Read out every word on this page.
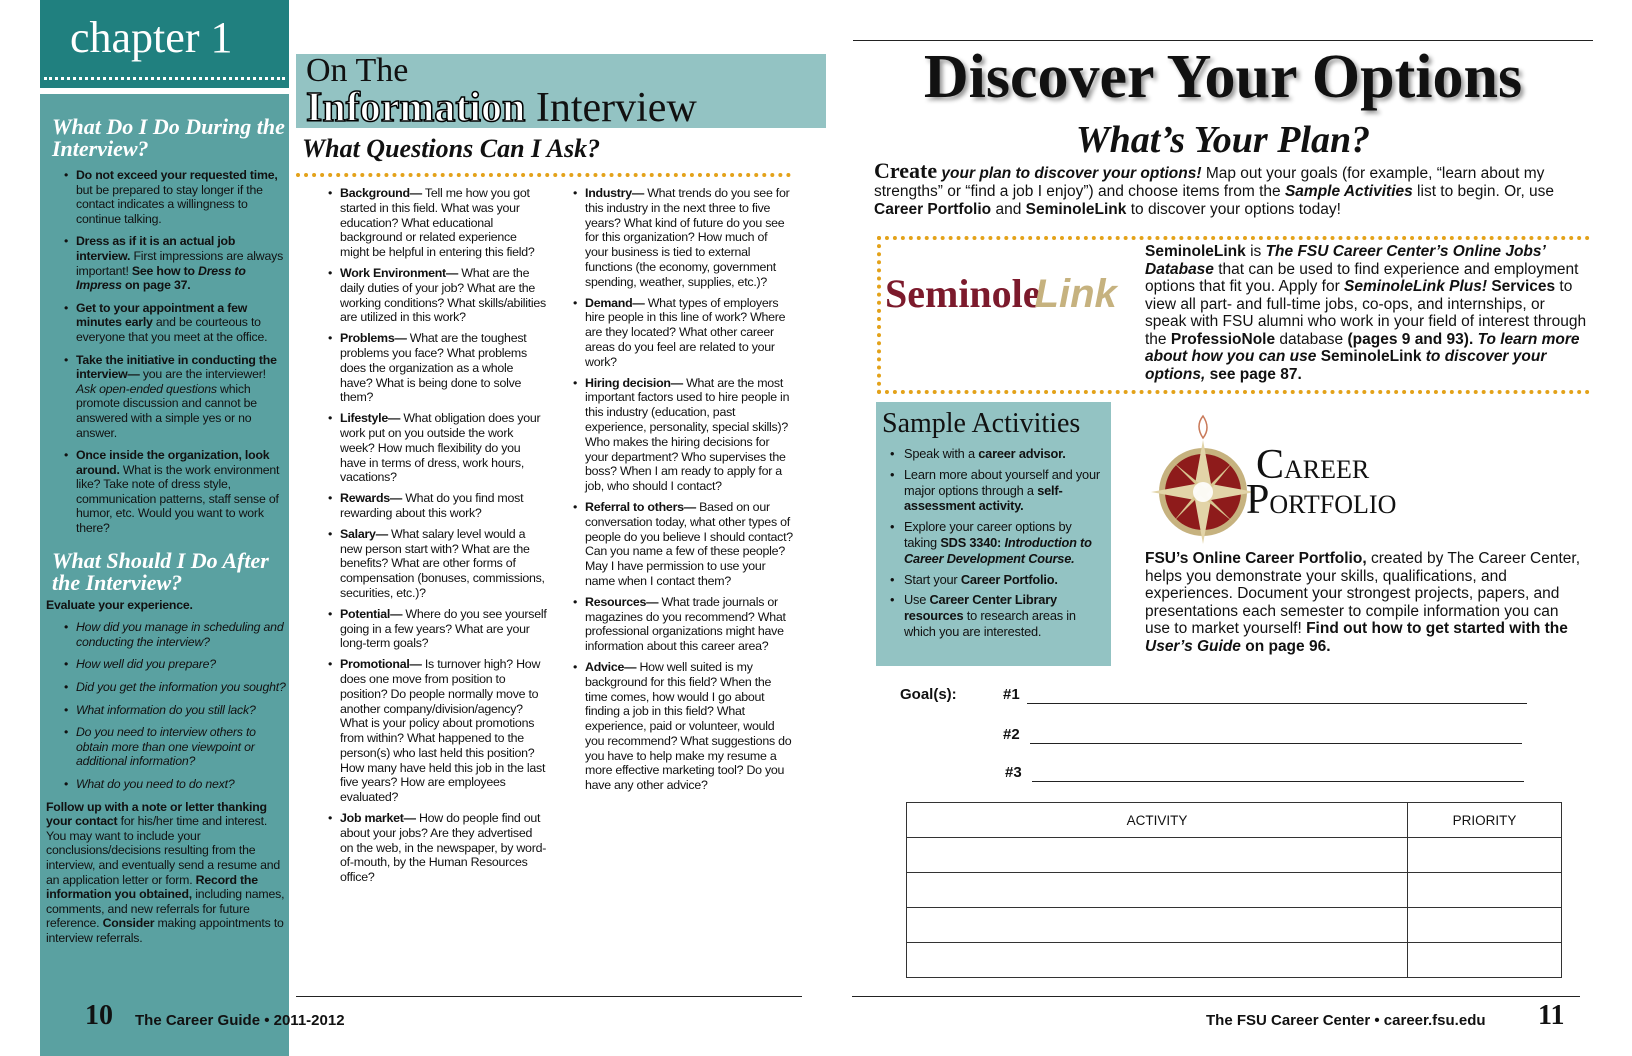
chapter 1
What Do I Do During the Interview?
• Do not exceed your requested time, but be prepared to stay longer if the contact indicates a willingness to continue talking.
• Dress as if it is an actual job interview. First impressions are always important! See how to Dress to Impress on page 37.
• Get to your appointment a few minutes early and be courteous to everyone that you meet at the office.
• Take the initiative in conducting the interview— you are the interviewer! Ask open-ended questions which promote discussion and cannot be answered with a simple yes or no answer.
• Once inside the organization, look around. What is the work environment like? Take note of dress style, communication patterns, staff sense of humor, etc. Would you want to work there?
What Should I Do After the Interview?
Evaluate your experience.
• How did you manage in scheduling and conducting the interview?
• How well did you prepare?
• Did you get the information you sought?
• What information do you still lack?
• Do you need to interview others to obtain more than one viewpoint or additional information?
• What do you need to do next?
Follow up with a note or letter thanking your contact for his/her time and interest. You may want to include your conclusions/decisions resulting from the interview, and eventually send a resume and an application letter or form. Record the information you obtained, including names, comments, and new referrals for future reference. Consider making appointments to interview referrals.
On The
Information Interview
What Questions Can I Ask?
• Background— Tell me how you got started in this field. What was your education? What educational background or related experience might be helpful in entering this field?
• Work Environment— What are the daily duties of your job? What are the working conditions? What skills/abilities are utilized in this work?
• Problems— What are the toughest problems you face? What problems does the organization as a whole have? What is being done to solve them?
• Lifestyle— What obligation does your work put on you outside the work week? How much flexibility do you have in terms of dress, work hours, vacations?
• Rewards— What do you find most rewarding about this work?
• Salary— What salary level would a new person start with? What are the benefits? What are other forms of compensation (bonuses, commissions, securities, etc.)?
• Potential— Where do you see yourself going in a few years? What are your long-term goals?
• Promotional— Is turnover high? How does one move from position to position? Do people normally move to another company/division/agency? What is your policy about promotions from within? What happened to the person(s) who last held this position? How many have held this job in the last five years? How are employees evaluated?
• Job market— How do people find out about your jobs? Are they advertised on the web, in the newspaper, by word-of-mouth, by the Human Resources office?
• Industry— What trends do you see for this industry in the next three to five years? What kind of future do you see for this organization? How much of your business is tied to external functions (the economy, government spending, weather, supplies, etc.)?
• Demand— What types of employers hire people in this line of work? Where are they located? What other career areas do you feel are related to your work?
• Hiring decision— What are the most important factors used to hire people in this industry (education, past experience, personality, special skills)? Who makes the hiring decisions for your department? Who supervises the boss? When I am ready to apply for a job, who should I contact?
• Referral to others— Based on our conversation today, what other types of people do you believe I should contact? Can you name a few of these people? May I have permission to use your name when I contact them?
• Resources— What trade journals or magazines do you recommend? What professional organizations might have information about this career area?
• Advice— How well suited is my background for this field? When the time comes, how would I go about finding a job in this field? What experience, paid or volunteer, would you recommend? What suggestions do you have to help make my resume a more effective marketing tool? Do you have any other advice?
10 The Career Guide • 2011-2012
Discover Your Options
What’s Your Plan?
Create your plan to discover your options! Map out your goals (for example, “learn about my strengths” or “find a job I enjoy”) and choose items from the Sample Activities list to begin. Or, use Career Portfolio and SeminoleLink to discover your options today!
SeminoleLink
SeminoleLink is The FSU Career Center’s Online Jobs’ Database that can be used to find experience and employment options that fit you. Apply for SeminoleLink Plus! Services to view all part- and full-time jobs, co-ops, and internships, or speak with FSU alumni who work in your field of interest through the ProfessioNole database (pages 9 and 93). To learn more about how you can use SeminoleLink to discover your options, see page 87.
Sample Activities
• Speak with a career advisor.
• Learn more about yourself and your major options through a self-assessment activity.
• Explore your career options by taking SDS 3340: Introduction to Career Development Course.
• Start your Career Portfolio.
• Use Career Center Library resources to research areas in which you are interested.
CAREER
PORTFOLIO
FSU’s Online Career Portfolio, created by The Career Center, helps you demonstrate your skills, qualifications, and experiences. Document your strongest projects, papers, and presentations each semester to compile information you can use to market yourself! Find out how to get started with the User’s Guide on page 96.
Goal(s):	#1
#2
#3
ACTIVITY	PRIORITY

The FSU Career Center • career.fsu.edu 11
